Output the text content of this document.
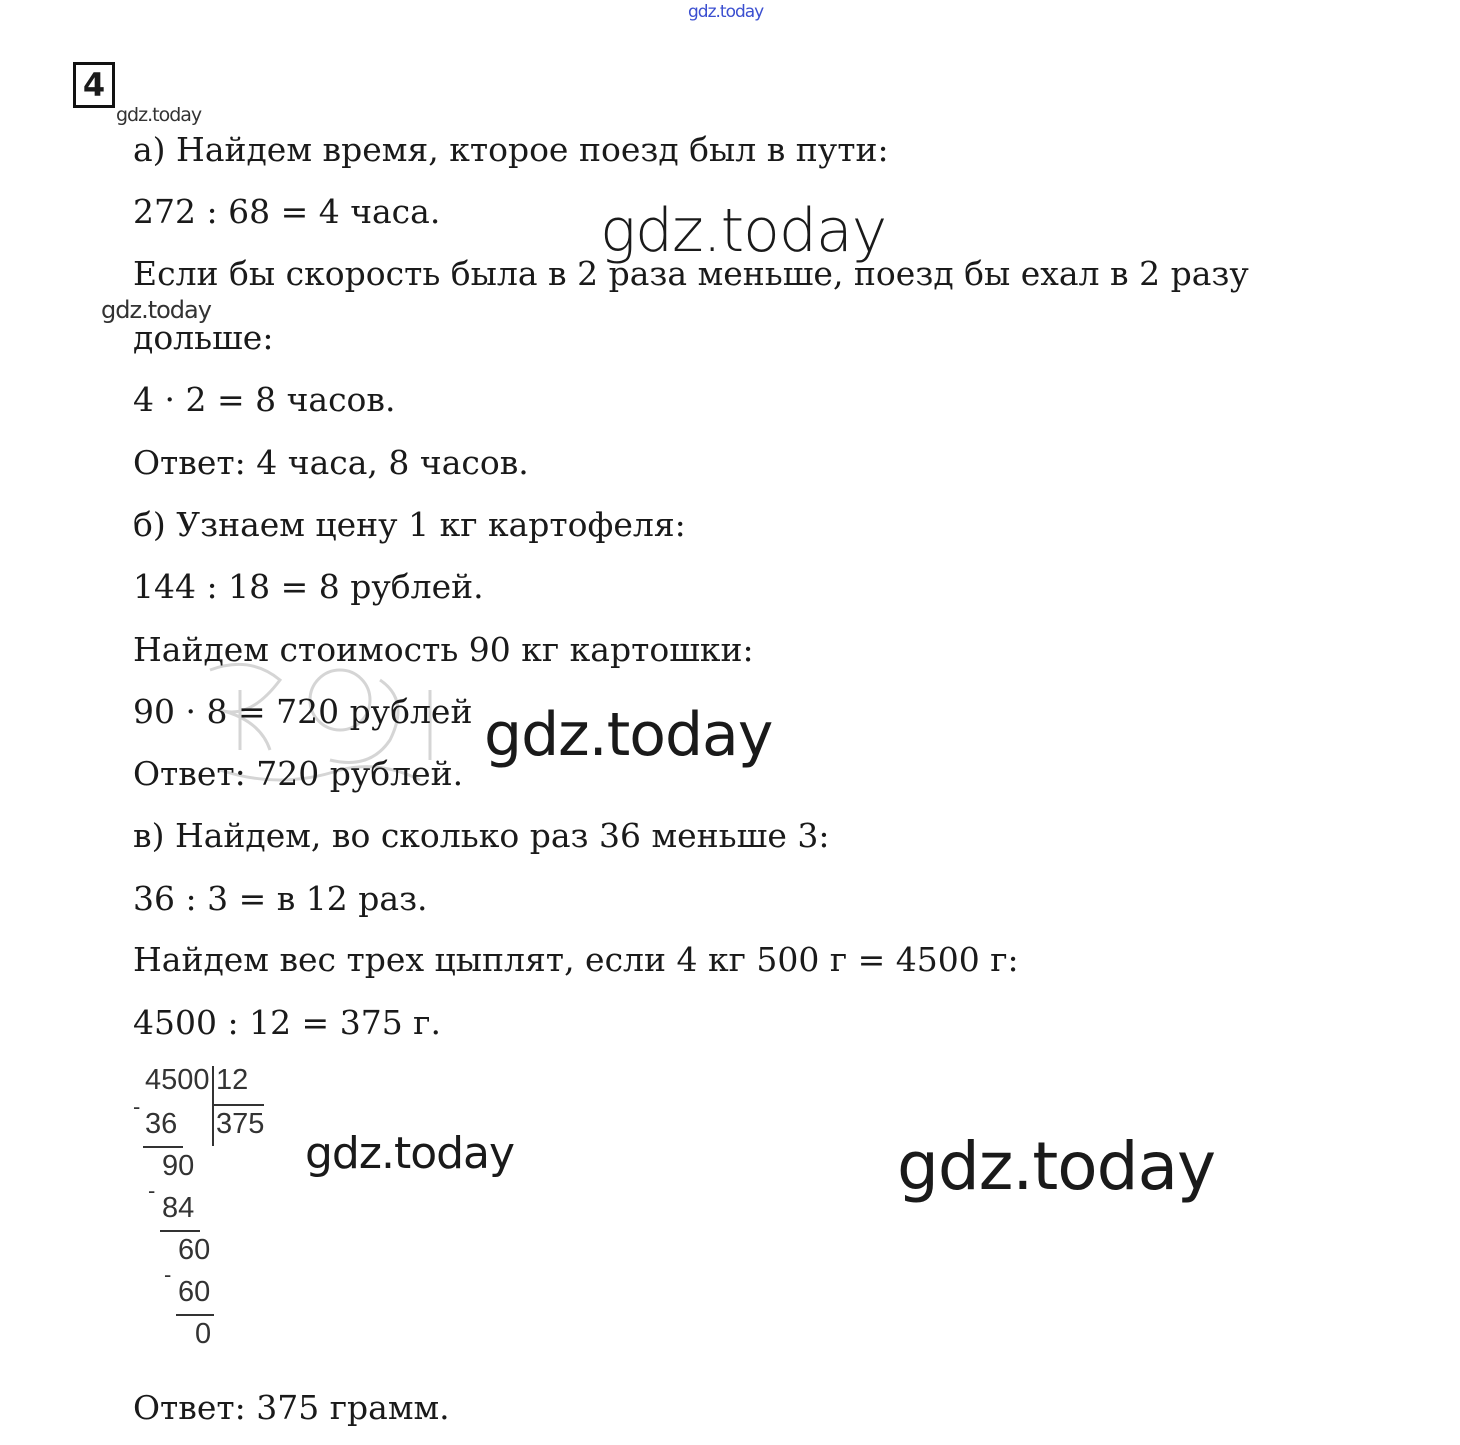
gdz.today
gdz.today
gdz.today
gdz.today
gdz.today
gdz.today	gdz.today
4
а) Найдем время, кторое поезд был в пути:
272 : 68 = 4 часа.
Если бы скорость была в 2 раза меньше, поезд бы ехал в 2 разу
дольше:
4 · 2 = 8 часов.
Ответ: 4 часа, 8 часов.
б) Узнаем цену 1 кг картофеля:
144 : 18 = 8 рублей.
Найдем стоимость 90 кг картошки:
90 · 8 = 720 рублей
Ответ: 720 рублей.
в) Найдем, во сколько раз 36 меньше 3:
36 : 3 = в 12 раз.
Найдем вес трех цыплят, если 4 кг 500 г = 4500 г:
4500 : 12 = 375 г.
4500 12
375
-
36
90
-
84
60
-
60
0
Ответ: 375 грамм.
